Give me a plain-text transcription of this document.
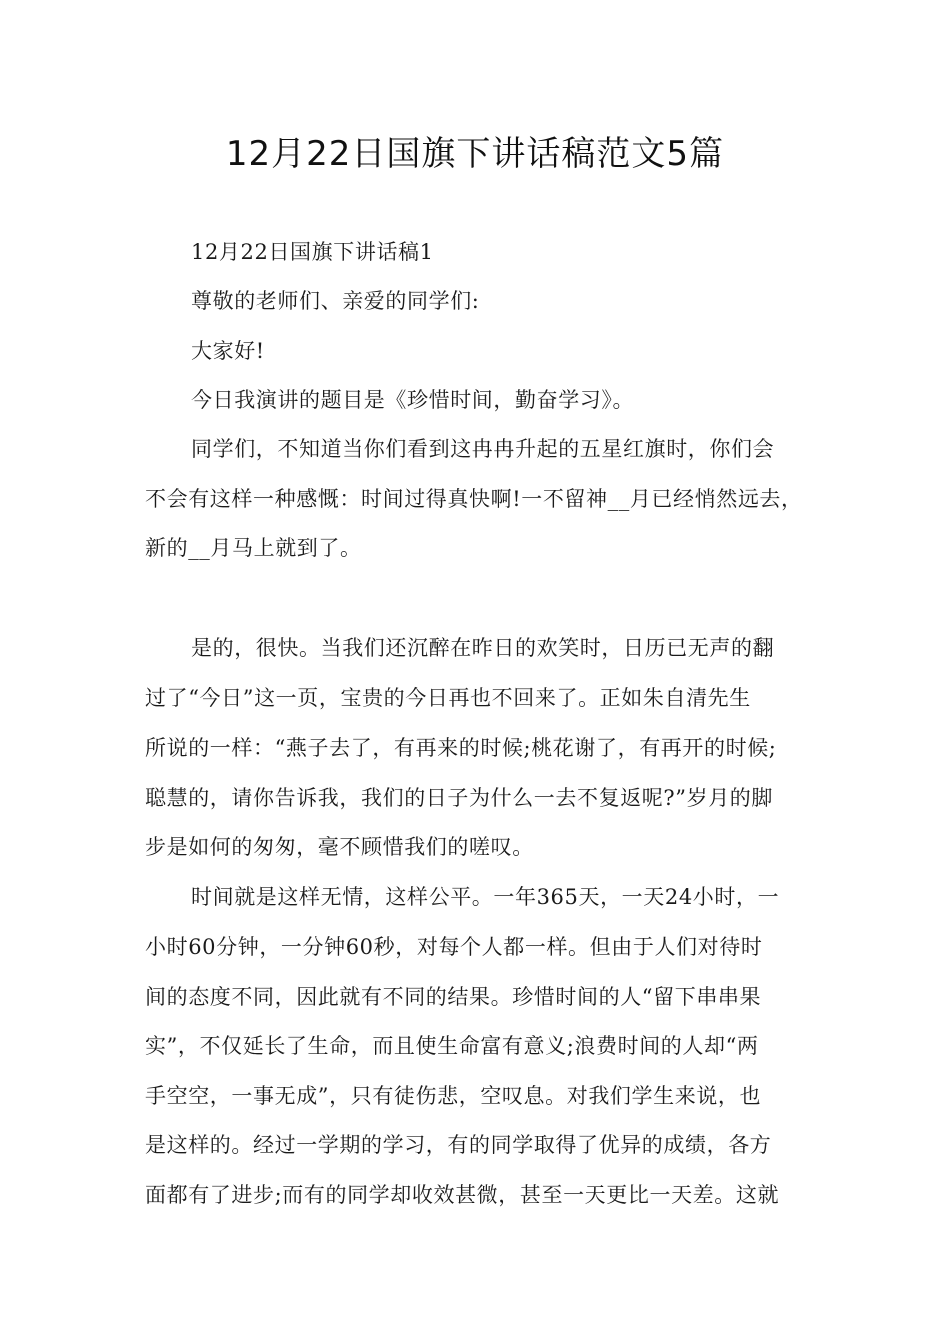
12月22日国旗下讲话稿范文5篇

12月22日国旗下讲话稿1

尊敬的老师们、亲爱的同学们:

大家好!

今日我演讲的题目是《珍惜时间，勤奋学习》。

同学们，不知道当你们看到这冉冉升起的五星红旗时，你们会

不会有这样一种感慨：时间过得真快啊!一不留神__月已经悄然远去，

新的__月马上就到了。

是的，很快。当我们还沉醉在昨日的欢笑时，日历已无声的翻

过了“今日”这一页，宝贵的今日再也不回来了。正如朱自清先生

所说的一样：“燕子去了，有再来的时候;桃花谢了，有再开的时候;

聪慧的，请你告诉我，我们的日子为什么一去不复返呢?”岁月的脚

步是如何的匆匆，毫不顾惜我们的嗟叹。

时间就是这样无情，这样公平。一年365天，一天24小时，一

小时60分钟，一分钟60秒，对每个人都一样。但由于人们对待时

间的态度不同，因此就有不同的结果。珍惜时间的人“留下串串果

实”，不仅延长了生命，而且使生命富有意义;浪费时间的人却“两

手空空，一事无成”，只有徒伤悲，空叹息。对我们学生来说，也

是这样的。经过一学期的学习，有的同学取得了优异的成绩，各方

面都有了进步;而有的同学却收效甚微，甚至一天更比一天差。这就
